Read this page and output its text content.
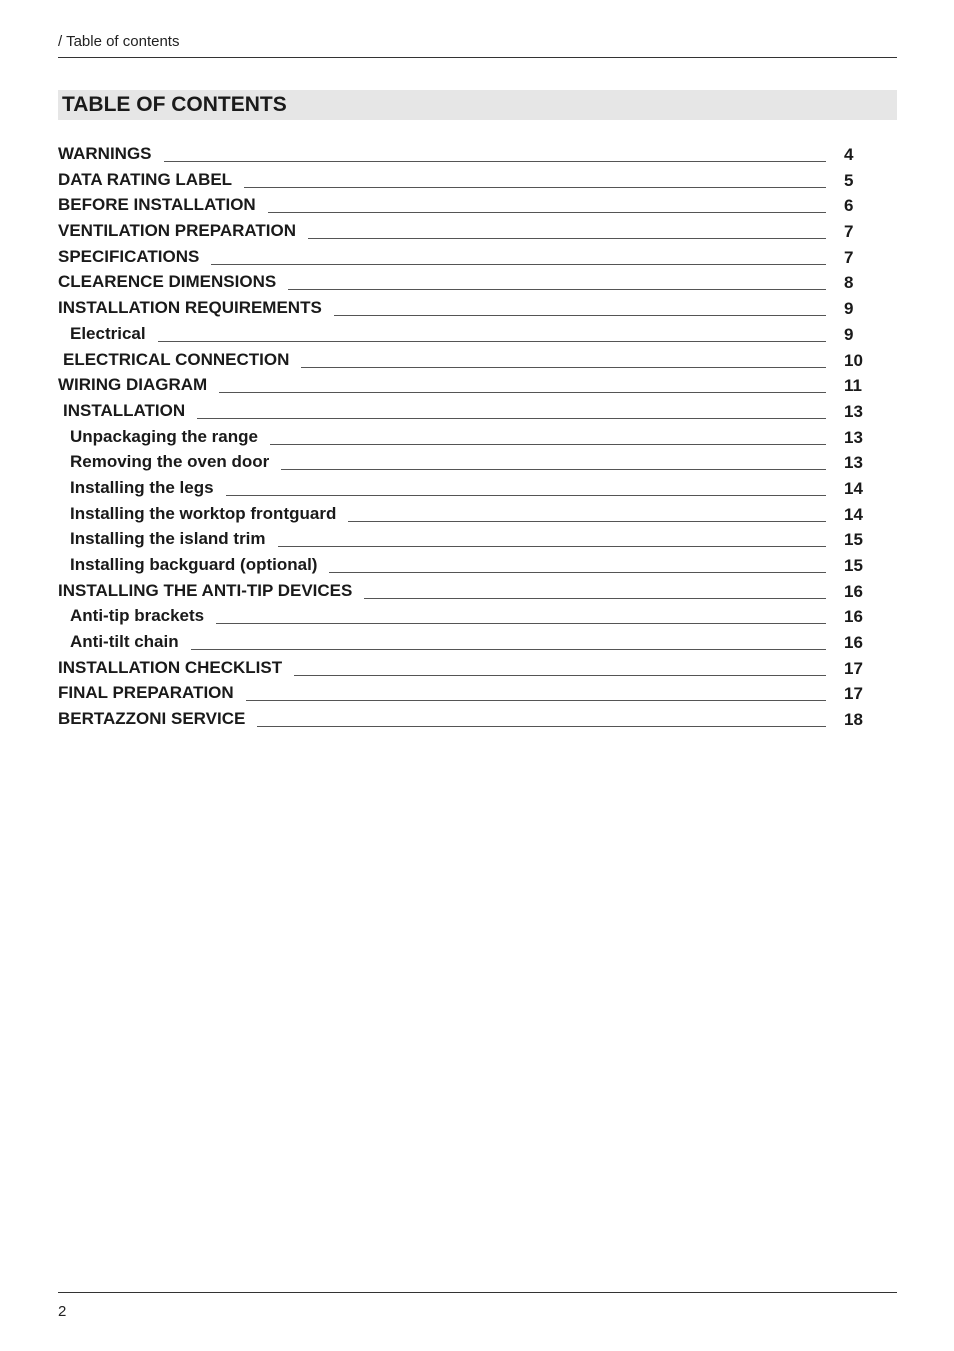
/ Table of contents
TABLE OF CONTENTS
WARNINGS	4
DATA RATING LABEL	5
BEFORE INSTALLATION	6
VENTILATION PREPARATION	7
SPECIFICATIONS	7
CLEARENCE DIMENSIONS	8
INSTALLATION REQUIREMENTS	9
Electrical	9
ELECTRICAL CONNECTION	10
WIRING DIAGRAM	11
INSTALLATION	13
Unpackaging the range	13
Removing the oven door	13
Installing the legs	14
Installing the worktop frontguard	14
Installing the island trim	15
Installing backguard (optional)	15
INSTALLING THE ANTI-TIP DEVICES	16
Anti-tip brackets	16
Anti-tilt chain	16
INSTALLATION CHECKLIST	17
FINAL PREPARATION	17
BERTAZZONI SERVICE	18
2
